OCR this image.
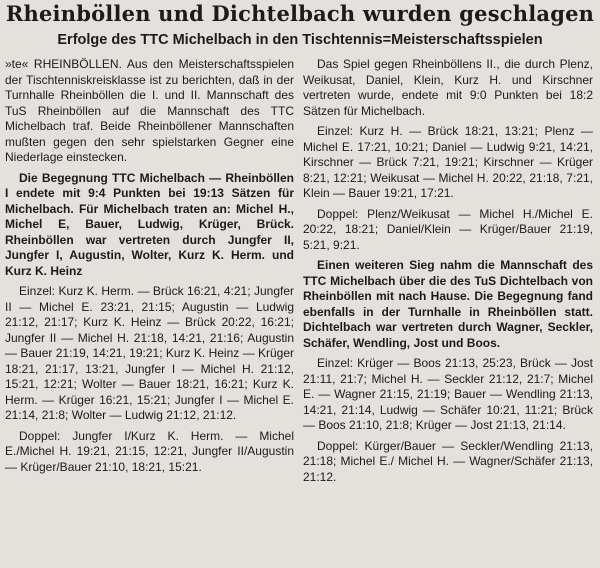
Rheinböllen und Dichtelbach wurden geschlagen
Erfolge des TTC Michelbach in den Tischtennis=Meisterschaftsspielen

»te« RHEINBÖLLEN. Aus den Meisterschaftsspielen der Tischtenniskreisklasse ist zu berichten, daß in der Turnhalle Rheinböllen die I. und II. Mannschaft des TuS Rheinböllen auf die Mannschaft des TTC Michelbach traf. Beide Rheinböllener Mannschaften mußten gegen den sehr spielstarken Gegner eine Niederlage einstecken.

Die Begegnung TTC Michelbach — Rheinböllen I endete mit 9:4 Punkten bei 19:13 Sätzen für Michelbach. Für Michelbach traten an: Michel H., Michel E, Bauer, Ludwig, Krüger, Brück. Rheinböllen war vertreten durch Jungfer II, Jungfer I, Augustin, Wolter, Kurz K. Herm. und Kurz K. Heinz

Einzel: Kurz K. Herm. — Brück 16:21, 4:21; Jungfer II — Michel E. 23:21, 21:15; Augustin — Ludwig 21:12, 21:17; Kurz K. Heinz — Brück 20:22, 16:21; Jungfer II — Michel H. 21:18, 14:21, 21:16; Augustin — Bauer 21:19, 14:21, 19:21; Kurz K. Heinz — Krüger 18:21, 21:17, 13:21, Jungfer I — Michel H. 21:12, 15:21, 12:21; Wolter — Bauer 18:21, 16:21; Kurz K. Herm. — Krüger 16:21, 15:21; Jungfer I — Michel E. 21:14, 21:8; Wolter — Ludwig 21:12, 21:12.

Doppel: Jungfer I/Kurz K. Herm. — Michel E./Michel H. 19:21, 21:15, 12:21, Jungfer II/Augustin — Krüger/Bauer 21:10, 18:21, 15:21.

Das Spiel gegen Rheinböllens II., die durch Plenz, Weikusat, Daniel, Klein, Kurz H. und Kirschner vertreten wurde, endete mit 9:0 Punkten bei 18:2 Sätzen für Michelbach.

Einzel: Kurz H. — Brück 18:21, 13:21; Plenz — Michel E. 17:21, 10:21; Daniel — Ludwig 9:21, 14:21, Kirschner — Brück 7:21, 19:21; Kirschner — Krüger 8:21, 12:21; Weikusat — Michel H. 20:22, 21:18, 7:21, Klein — Bauer 19:21, 17:21.

Doppel: Plenz/Weikusat — Michel H./Michel E. 20:22, 18:21; Daniel/Klein — Krüger/Bauer 21:19, 5:21, 9:21.

Einen weiteren Sieg nahm die Mannschaft des TTC Michelbach über die des TuS Dichtelbach von Rheinböllen mit nach Hause. Die Begegnung fand ebenfalls in der Turnhalle in Rheinböllen statt. Dichtelbach war vertreten durch Wagner, Seckler, Schäfer, Wendling, Jost und Boos.

Einzel: Krüger — Boos 21:13, 25:23, Brück — Jost 21:11, 21:7; Michel H. — Seckler 21:12, 21:7; Michel E. — Wagner 21:15, 21:19; Bauer — Wendling 21:13, 14:21, 21:14, Ludwig — Schäfer 10:21, 11:21; Brück — Boos 21:10, 21:8; Krüger — Jost 21:13, 21:14.

Doppel: Kürger/Bauer — Seckler/Wendling 21:13, 21:18; Michel E./ Michel H. — Wagner/Schäfer 21:13, 21:12.
